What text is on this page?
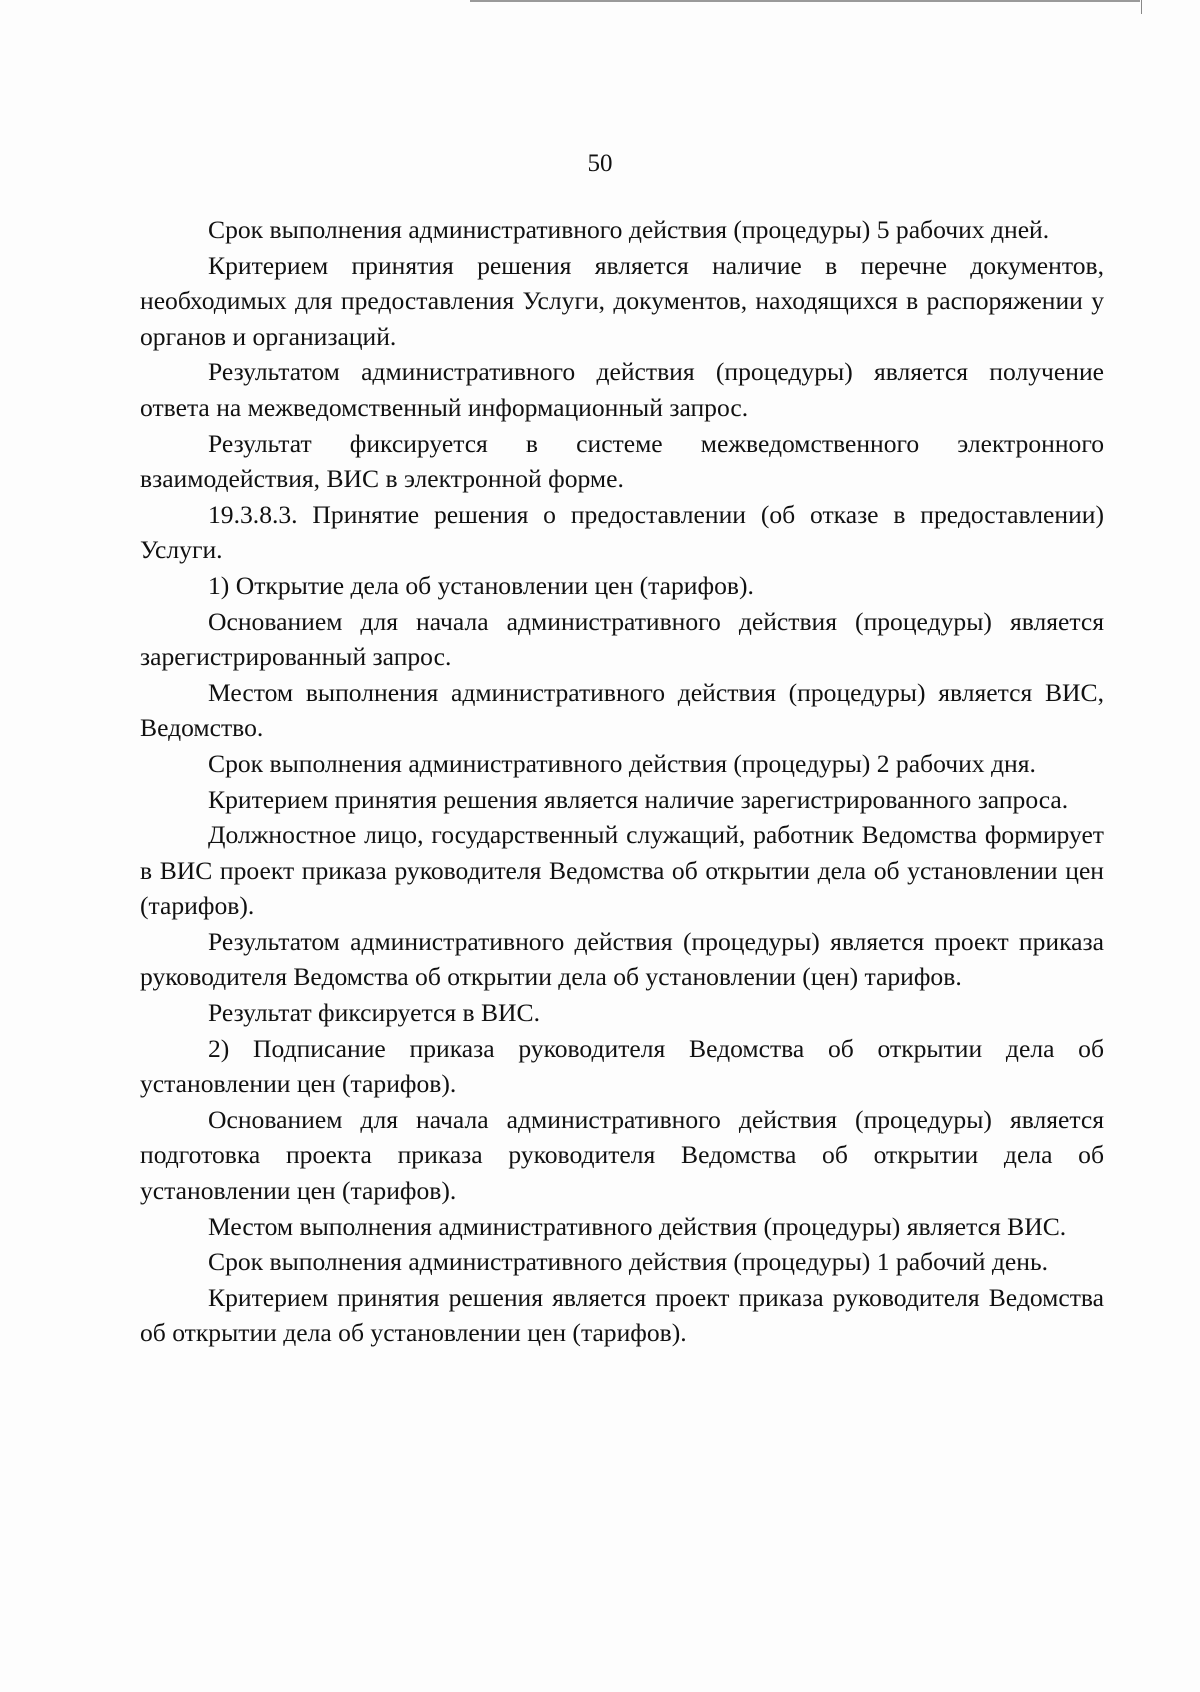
50

Срок выполнения административного действия (процедуры) 5 рабочих дней.

Критерием принятия решения является наличие в перечне документов, необходимых для предоставления Услуги, документов, находящихся в распоряжении у органов и организаций.

Результатом административного действия (процедуры) является получение ответа на межведомственный информационный запрос.

Результат фиксируется в системе межведомственного электронного взаимодействия, ВИС в электронной форме.

19.3.8.3. Принятие решения о предоставлении (об отказе в предоставлении) Услуги.

1) Открытие дела об установлении цен (тарифов).

Основанием для начала административного действия (процедуры) является зарегистрированный запрос.

Местом выполнения административного действия (процедуры) является ВИС, Ведомство.

Срок выполнения административного действия (процедуры) 2 рабочих дня.

Критерием принятия решения является наличие зарегистрированного запроса.

Должностное лицо, государственный служащий, работник Ведомства формирует в ВИС проект приказа руководителя Ведомства об открытии дела об установлении цен (тарифов).

Результатом административного действия (процедуры) является проект приказа руководителя Ведомства об открытии дела об установлении (цен) тарифов.

Результат фиксируется в ВИС.

2) Подписание приказа руководителя Ведомства об открытии дела об установлении цен (тарифов).

Основанием для начала административного действия (процедуры) является подготовка проекта приказа руководителя Ведомства об открытии дела об установлении цен (тарифов).

Местом выполнения административного действия (процедуры) является ВИС.

Срок выполнения административного действия (процедуры) 1 рабочий день.

Критерием принятия решения является проект приказа руководителя Ведомства об открытии дела об установлении цен (тарифов).
